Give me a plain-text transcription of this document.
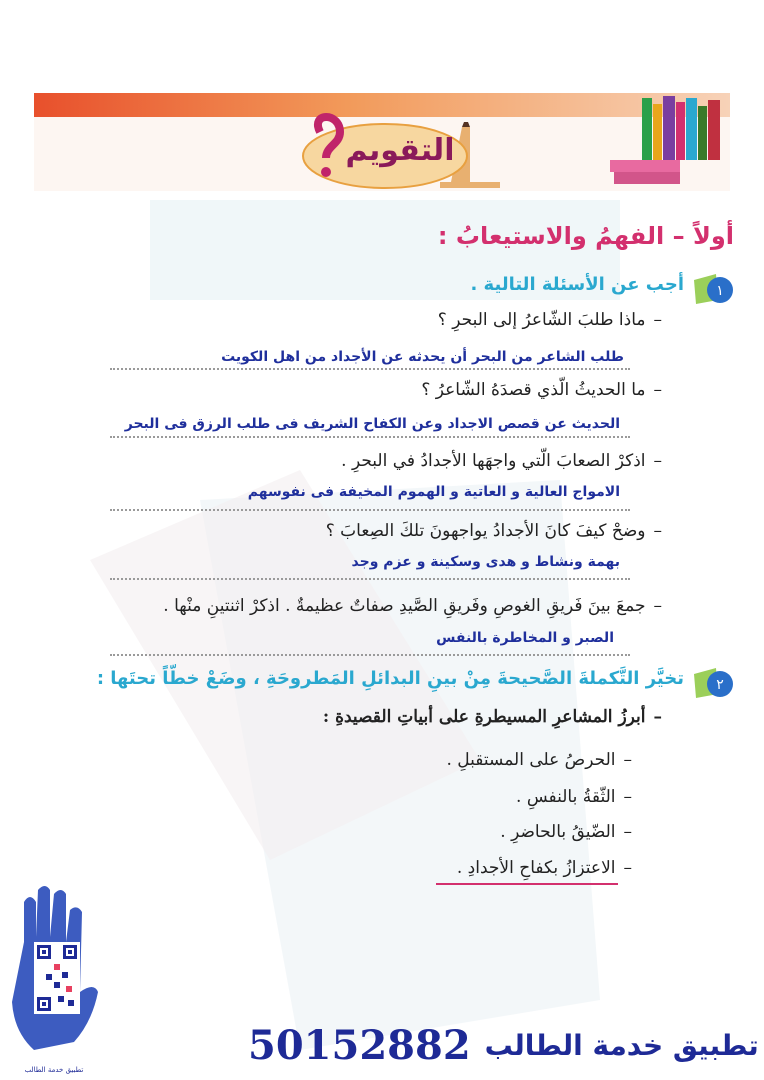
التقويم
أولاً – الفهمُ والاستيعابُ :
١
أجب عن الأسئلة التالية .
–ماذا طلبَ الشّاعرُ إلى البحرِ ؟
طلب الشاعر من البحر أن يحدثه عن الأجداد من اهل الكويت
–ما الحديثُ الّذي قصدَهُ الشّاعرُ ؟
الحديث عن قصص الاجداد وعن الكفاح الشريف فى طلب الرزق فى البحر
–اذكرْ الصعابَ الّتي واجهَها الأجدادُ في البحرِ .
الامواج العالية و العاتية و الهموم المخيفة فى نفوسهم
–وضحْ كيفَ كانَ الأجدادُ يواجهونَ تلكَ الصِعابَ ؟
بهمة ونشاط و هدى وسكينة و عزم وجد
–جمعَ بينَ فَريقِ الغوصِ وفَريقِ الصَّيدِ صفاتٌ عظيمةٌ . اذكرْ اثنتينِ منْها .
الصبر و المخاطرة بالنفس
٢
تخيَّر التَّكملةَ الصَّحيحةَ مِنْ بينِ البدائلِ المَطروحَةِ ، وضَعْ خطّاً تحتَها :
–أبرزُ المشاعرِ المسيطرةِ على أبياتِ القصيدةِ :
–الحرصُ على المستقبلِ .
–الثّقةُ بالنفسِ .
–الضّيقُ بالحاضرِ .
–الاعتزازُ بكفاحِ الأجدادِ .
تطبيق خدمة الطالب
50152882 تطبيق خدمة الطالب
